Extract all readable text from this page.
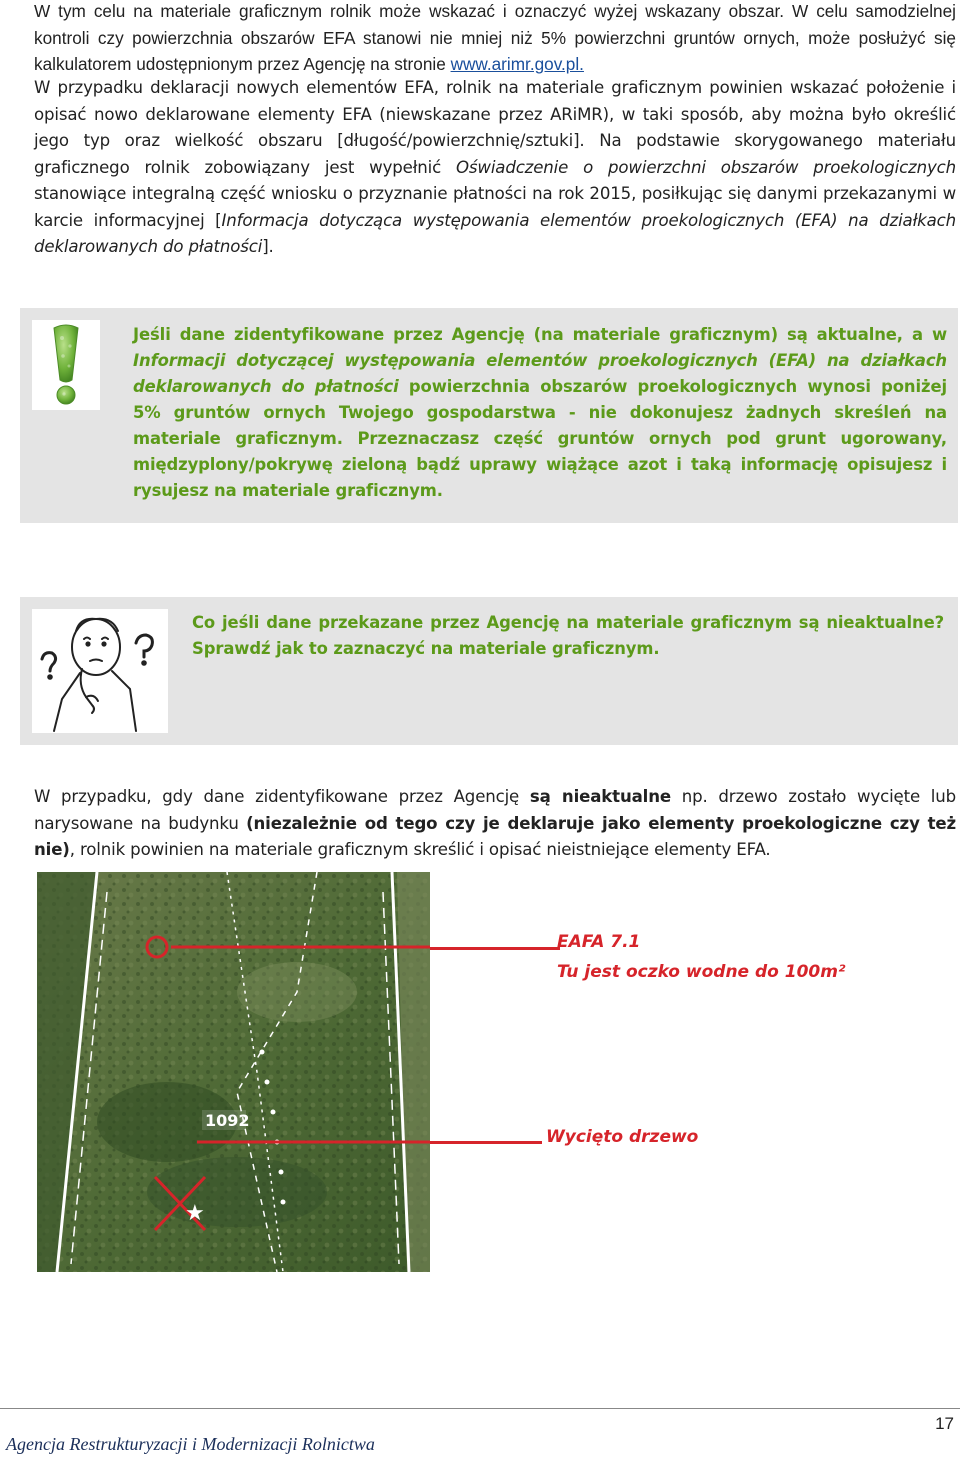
W tym celu na materiale graficznym rolnik może wskazać i oznaczyć wyżej wskazany obszar. W celu samodzielnej kontroli czy powierzchnia obszarów EFA stanowi nie mniej niż 5% powierzchni gruntów ornych, może posłużyć się kalkulatorem udostępnionym przez Agencję na stronie www.arimr.gov.pl.

W przypadku deklaracji nowych elementów EFA, rolnik na materiale graficznym powinien wskazać położenie i opisać nowo deklarowane elementy EFA (niewskazane przez ARiMR), w taki sposób, aby można było określić jego typ oraz wielkość obszaru [długość/powierzchnię/sztuki]. Na podstawie skorygowanego materiału graficznego rolnik zobowiązany jest wypełnić Oświadczenie o powierzchni obszarów proekologicznych stanowiące integralną część wniosku o przyznanie płatności na rok 2015, posiłkując się danymi przekazanymi w karcie informacyjnej [Informacja dotycząca występowania elementów proekologicznych (EFA) na działkach deklarowanych do płatności].

Jeśli dane zidentyfikowane przez Agencję (na materiale graficznym) są aktualne, a w Informacji dotyczącej występowania elementów proekologicznych (EFA) na działkach deklarowanych do płatności powierzchnia obszarów proekologicznych wynosi poniżej 5% gruntów ornych Twojego gospodarstwa - nie dokonujesz żadnych skreśleń na materiale graficznym. Przeznaczasz część gruntów ornych pod grunt ugorowany, międzyplony/pokrywę zieloną bądź uprawy wiążące azot i taką informację opisujesz i rysujesz na materiale graficznym.
Co jeśli dane przekazane przez Agencję na materiale graficznym są nieaktualne? Sprawdź jak to zaznaczyć na materiale graficznym.

W przypadku, gdy dane zidentyfikowane przez Agencję są nieaktualne np. drzewo zostało wycięte lub narysowane na budynku (niezależnie od tego czy je deklaruje jako elementy proekologiczne czy też nie), rolnik powinien na materiale graficznym skreślić i opisać nieistniejące elementy EFA.

★
1092
EAFA 7.1
Tu jest oczko wodne do 100m²
Wycięto drzewo
17
Agencja Restrukturyzacji i Modernizacji Rolnictwa
